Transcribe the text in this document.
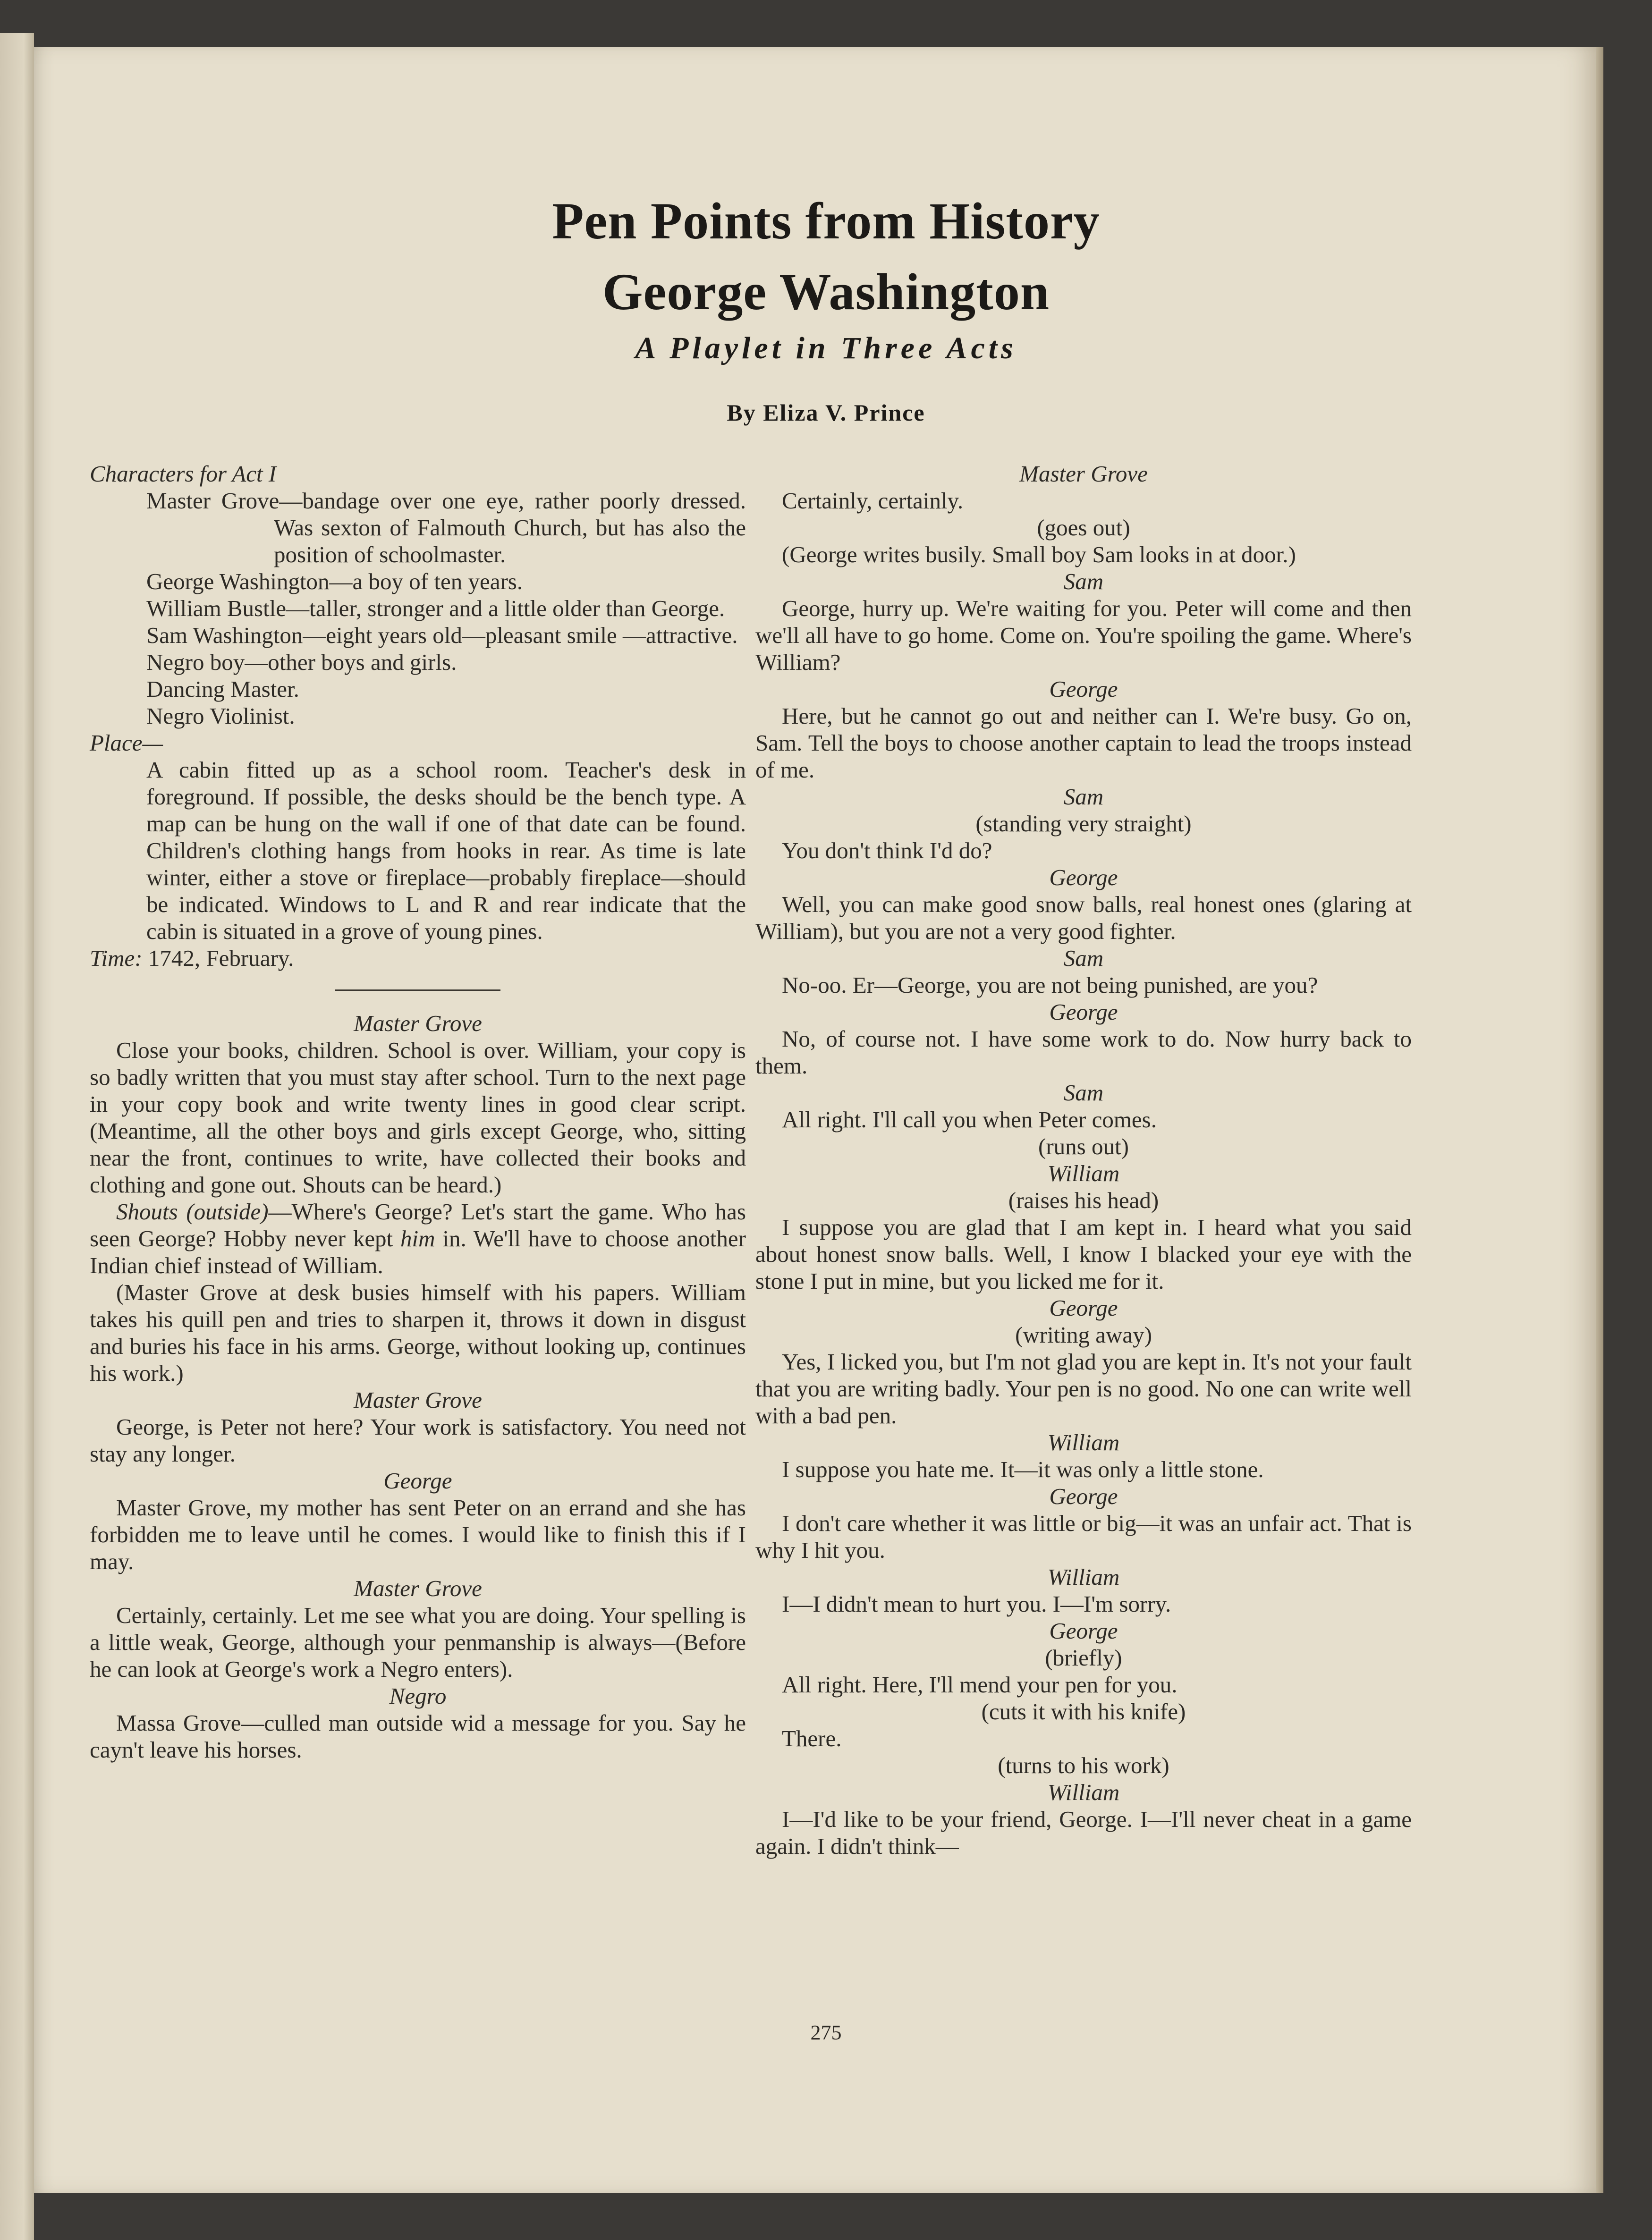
Pen Points from History
George Washington
A Playlet in Three Acts
By Eliza V. Prince

Characters for Act I

Master Grove—bandage over one eye, rather poorly dressed. Was sexton of Falmouth Church, but has also the position of schoolmaster.

George Washington—a boy of ten years.

William Bustle—taller, stronger and a little older than George.

Sam Washington—eight years old—pleasant smile —attractive.

Negro boy—other boys and girls.

Dancing Master.

Negro Violinist.

Place—

A cabin fitted up as a school room. Teacher's desk in foreground. If possible, the desks should be the bench type. A map can be hung on the wall if one of that date can be found. Children's clothing hangs from hooks in rear. As time is late winter, either a stove or fireplace—probably fireplace—should be indicated. Windows to L and R and rear indicate that the cabin is situated in a grove of young pines.

Time: 1742, February.

Master Grove

Close your books, children. School is over. William, your copy is so badly written that you must stay after school. Turn to the next page in your copy book and write twenty lines in good clear script. (Meantime, all the other boys and girls except George, who, sitting near the front, continues to write, have collected their books and clothing and gone out. Shouts can be heard.)

Shouts (outside)—Where's George? Let's start the game. Who has seen George? Hobby never kept him in. We'll have to choose another Indian chief instead of William.

(Master Grove at desk busies himself with his papers. William takes his quill pen and tries to sharpen it, throws it down in disgust and buries his face in his arms. George, without looking up, continues his work.)

Master Grove

George, is Peter not here? Your work is satisfactory. You need not stay any longer.

George

Master Grove, my mother has sent Peter on an errand and she has forbidden me to leave until he comes. I would like to finish this if I may.

Master Grove

Certainly, certainly. Let me see what you are doing. Your spelling is a little weak, George, although your penmanship is always—(Before he can look at George's work a Negro enters).

Negro

Massa Grove—culled man outside wid a message for you. Say he cayn't leave his horses.

Master Grove

Certainly, certainly.

(goes out)

(George writes busily. Small boy Sam looks in at door.)

Sam

George, hurry up. We're waiting for you. Peter will come and then we'll all have to go home. Come on. You're spoiling the game. Where's William?

George

Here, but he cannot go out and neither can I. We're busy. Go on, Sam. Tell the boys to choose another captain to lead the troops instead of me.

Sam

(standing very straight)

You don't think I'd do?

George

Well, you can make good snow balls, real honest ones (glaring at William), but you are not a very good fighter.

Sam

No-oo. Er—George, you are not being punished, are you?

George

No, of course not. I have some work to do. Now hurry back to them.

Sam

All right. I'll call you when Peter comes.

(runs out)

William

(raises his head)

I suppose you are glad that I am kept in. I heard what you said about honest snow balls. Well, I know I blacked your eye with the stone I put in mine, but you licked me for it.

George

(writing away)

Yes, I licked you, but I'm not glad you are kept in. It's not your fault that you are writing badly. Your pen is no good. No one can write well with a bad pen.

William

I suppose you hate me. It—it was only a little stone.

George

I don't care whether it was little or big—it was an unfair act. That is why I hit you.

William

I—I didn't mean to hurt you. I—I'm sorry.

George

(briefly)

All right. Here, I'll mend your pen for you.

(cuts it with his knife)

There.

(turns to his work)

William

I—I'd like to be your friend, George. I—I'll never cheat in a game again. I didn't think—

275
